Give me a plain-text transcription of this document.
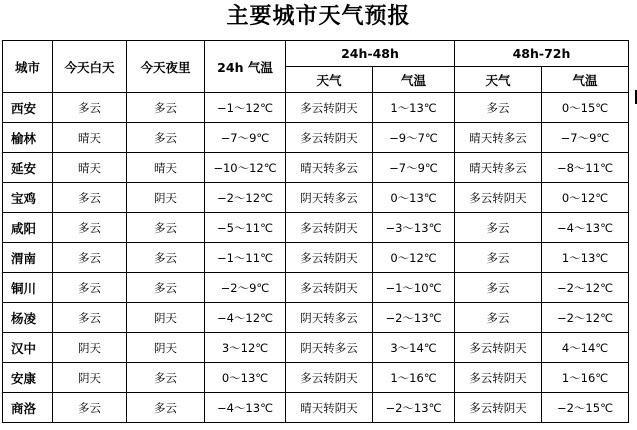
主要城市天气预报
城市	今天白天	今天夜里	24h 气温	24h-48h		48h-72h	
				天气	气温	天气	气温
西安	多云	多云	−1～12℃	多云转阴天	1～13℃	多云	0～15℃
榆林	晴天	多云	−7～9℃	多云转阴天	−9～7℃	晴天转多云	−7～9℃
延安	晴天	晴天	−10～12℃	晴天转多云	−7～9℃	晴天转多云	−8～11℃
宝鸡	多云	阴天	−2～12℃	阴天转多云	0～13℃	多云转阴天	0～12℃
咸阳	多云	多云	−5～11℃	多云转阴天	−3～13℃	多云	−4～13℃
渭南	多云	多云	−1～11℃	多云转阴天	0～12℃	多云	1～13℃
铜川	多云	多云	−2～9℃	多云转阴天	−1～10℃	多云	−2～12℃
杨凌	多云	阴天	−4～12℃	阴天转多云	−2～13℃	多云	−2～12℃
汉中	阴天	阴天	3～12℃	阴天转多云	3～14℃	多云转阴天	4～14℃
安康	阴天	多云	0～13℃	多云转阴天	1～16℃	多云转阴天	1～16℃
商洛	多云	多云	−4～13℃	晴天转阴天	−2～13℃	多云转阴天	−2～15℃
